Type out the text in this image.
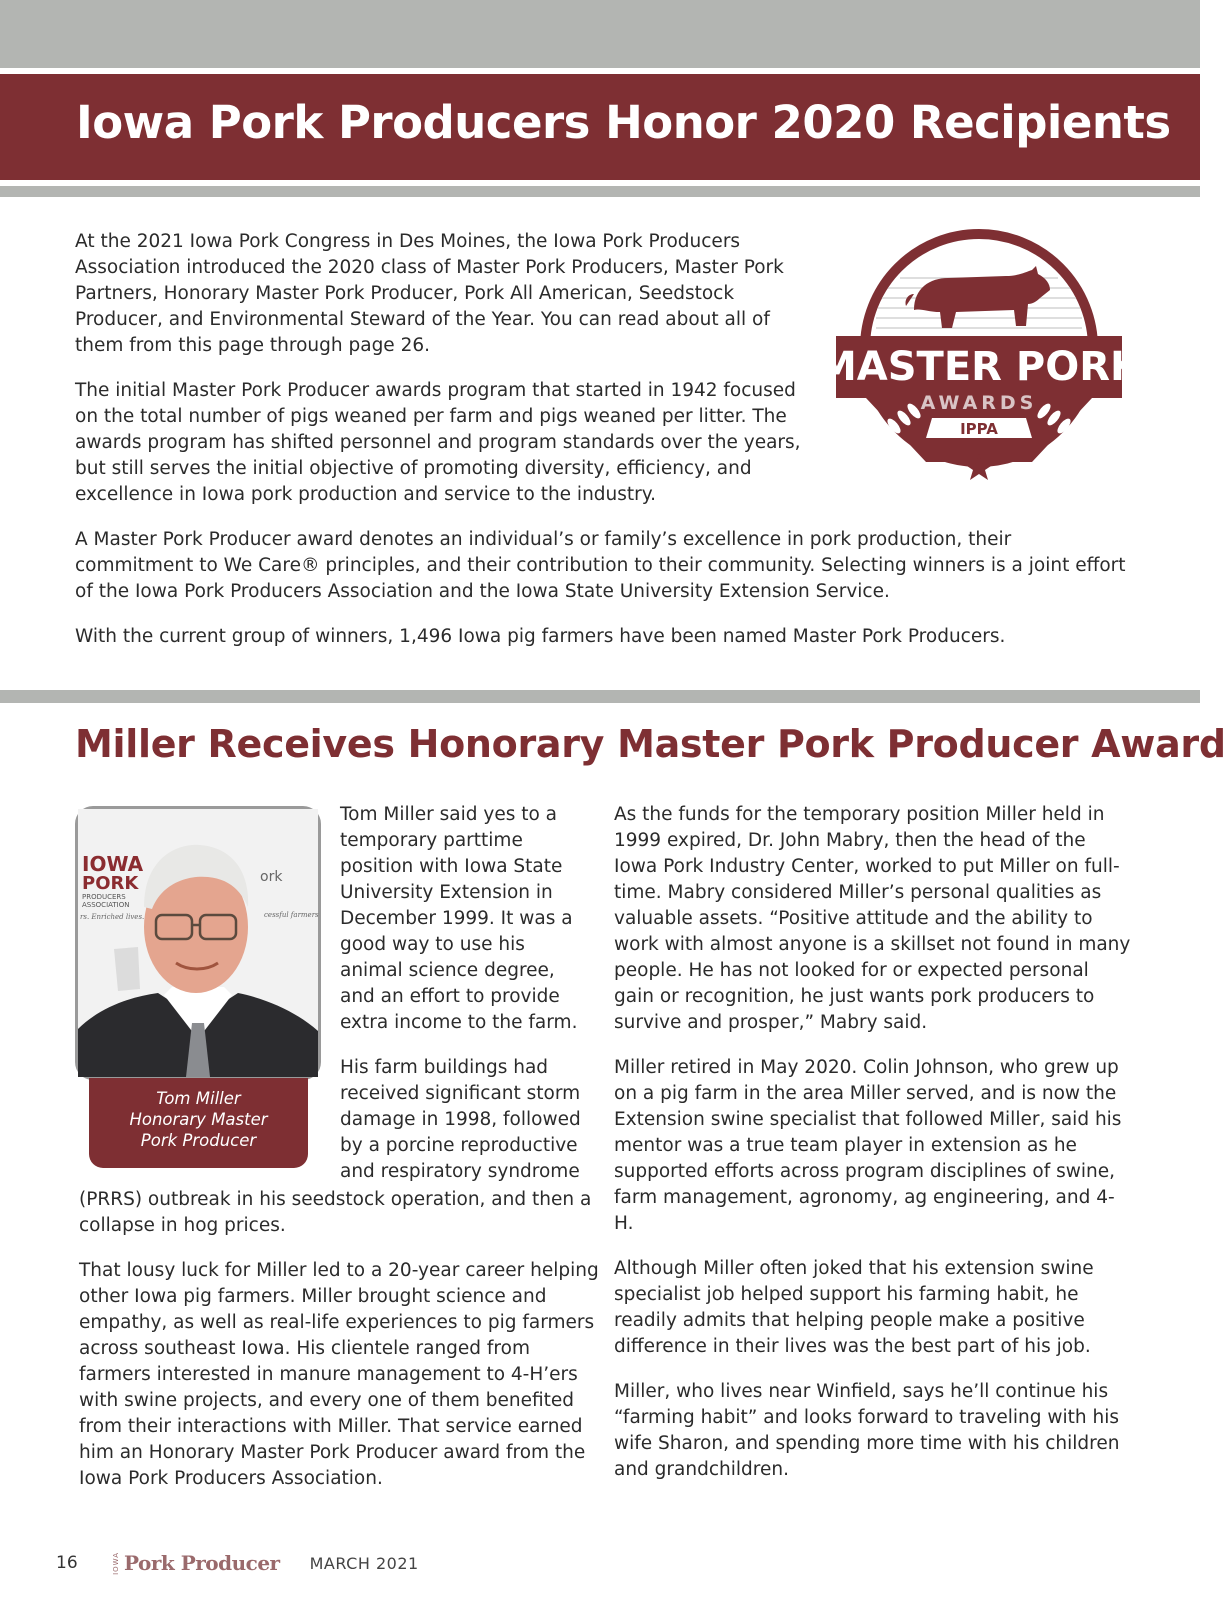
Iowa Pork Producers Honor 2020 Recipients

At the 2021 Iowa Pork Congress in Des Moines, the Iowa Pork Producers Association introduced the 2020 class of Master Pork Producers, Master Pork Partners, Honorary Master Pork Producer, Pork All American, Seedstock Producer, and Environmental Steward of the Year. You can read about all of them from this page through page 26.

The initial Master Pork Producer awards program that started in 1942 focused on the total number of pigs weaned per farm and pigs weaned per litter. The awards program has shifted personnel and program standards over the years, but still serves the initial objective of promoting diversity, efficiency, and excellence in Iowa pork production and service to the industry.

A Master Pork Producer award denotes an individual’s or family’s excellence in pork production, their commitment to We Care® principles, and their contribution to their community. Selecting winners is a joint effort of the Iowa Pork Producers Association and the Iowa State University Extension Service.

With the current group of winners, 1,496 Iowa pig farmers have been named Master Pork Producers.

MASTER PORK
AWARDS
IPPA
Miller Receives Honorary Master Pork Producer Award
IOWA
PORK
PRODUCERS
ASSOCIATION
rs. Enriched lives.
ork
cessful farmers
Tom Miller
Honorary Master
Pork Producer

Tom Miller said yes to a temporary parttime position with Iowa State University Extension in December 1999. It was a good way to use his animal science degree, and an effort to provide extra income to the farm.

His farm buildings had received significant storm damage in 1998, followed by a porcine reproductive and respiratory syndrome

(PRRS) outbreak in his seedstock operation, and then a collapse in hog prices.

That lousy luck for Miller led to a 20-year career helping other Iowa pig farmers. Miller brought science and empathy, as well as real-life experiences to pig farmers across southeast Iowa. His clientele ranged from farmers interested in manure management to 4-H’ers with swine projects, and every one of them benefited from their interactions with Miller. That service earned him an Honorary Master Pork Producer award from the Iowa Pork Producers Association.

As the funds for the temporary position Miller held in 1999 expired, Dr. John Mabry, then the head of the Iowa Pork Industry Center, worked to put Miller on full-time. Mabry considered Miller’s personal qualities as valuable assets. “Positive attitude and the ability to work with almost anyone is a skillset not found in many people. He has not looked for or expected personal gain or recognition, he just wants pork producers to survive and prosper,” Mabry said.

Miller retired in May 2020. Colin Johnson, who grew up on a pig farm in the area Miller served, and is now the Extension swine specialist that followed Miller, said his mentor was a true team player in extension as he supported efforts across program disciplines of swine, farm management, agronomy, ag engineering, and 4-H.

Although Miller often joked that his extension swine specialist job helped support his farming habit, he readily admits that helping people make a positive difference in their lives was the best part of his job.

Miller, who lives near Winfield, says he’ll continue his “farming habit” and looks forward to traveling with his wife Sharon, and spending more time with his children and grandchildren.

16	IOWA Pork Producer MARCH 2021
